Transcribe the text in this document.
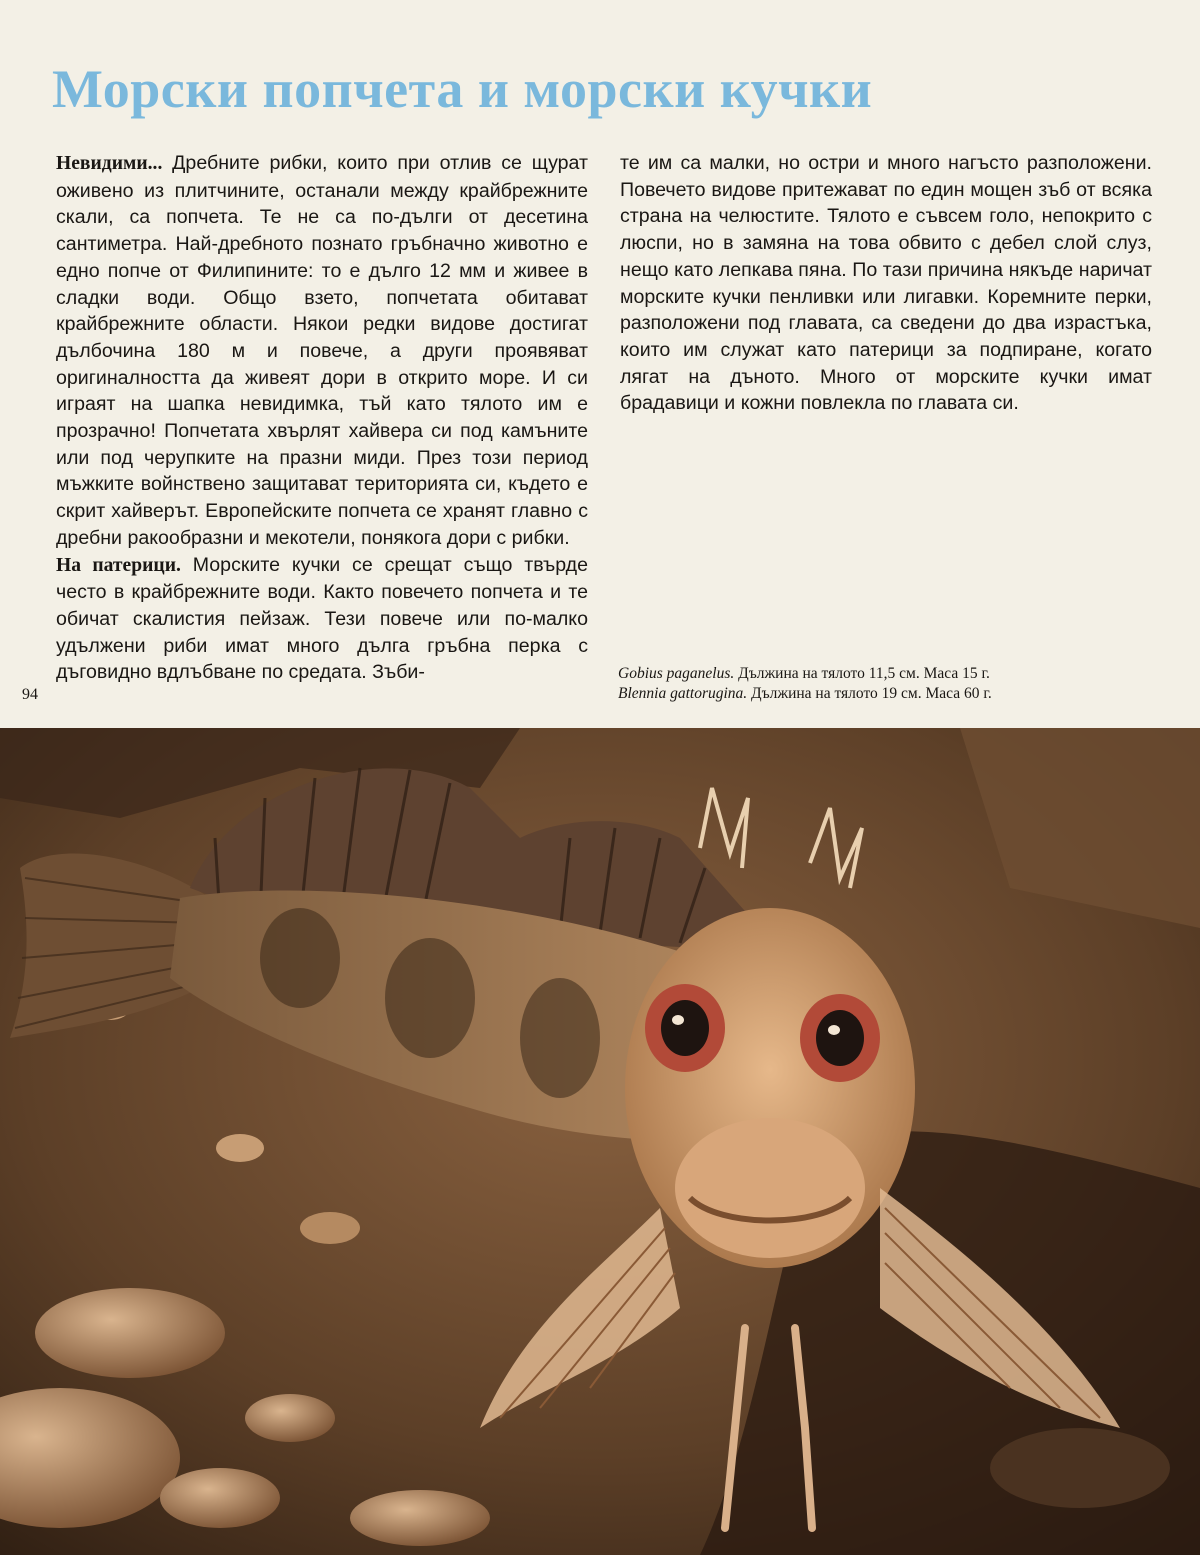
Морски попчета и морски кучки

Невидими... Дребните рибки, които при отлив се щурат оживено из плитчините, останали между крайбрежните скали, са попчета. Те не са по-дълги от десетина сантиметра. Най-дребното познато гръбначно животно е едно попче от Филипините: то е дълго 12 мм и живее в сладки води. Общо взето, попчетата обитават крайбрежните области. Някои редки видове достигат дълбочина 180 м и повече, а други проявяват оригиналността да живеят дори в открито море. И си играят на шапка невидимка, тъй като тялото им е прозрачно! Попчетата хвърлят хайвера си под камъните или под черупките на празни миди. През този период мъжките войнствено защитават територията си, където е скрит хайверът. Европейските попчета се хранят главно с дребни ракообразни и мекотели, понякога дори с рибки.

На патерици. Морските кучки се срещат също твърде често в крайбрежните води. Както повечето попчета и те обичат скалистия пейзаж. Тези повече или по-малко удължени риби имат много дълга гръбна перка с дъговидно вдлъбване по средата. Зъби-

те им са малки, но остри и много нагъсто разположени. Повечето видове притежават по един мощен зъб от всяка страна на челюстите. Тялото е съвсем голо, непокрито с люспи, но в замяна на това обвито с дебел слой слуз, нещо като лепкава пяна. По тази причина някъде наричат морските кучки пенливки или лигавки. Коремните перки, разположени под главата, са сведени до два израстъка, които им служат като патерици за подпиране, когато лягат на дъното. Много от морските кучки имат брадавици и кожни повлекла по главата си.

94
Gobius paganelus. Дължина на тялото 11,5 см. Маса 15 г.
Blennia gattorugina. Дължина на тялото 19 см. Маса 60 г.
